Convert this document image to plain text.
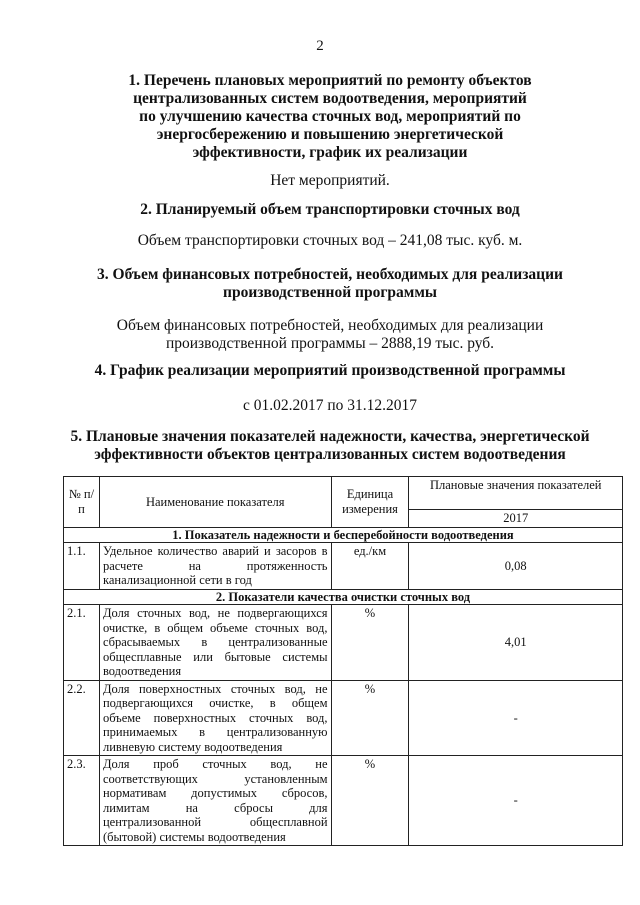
2
1. Перечень плановых мероприятий по ремонту объектов
централизованных систем водоотведения, мероприятий
по улучшению качества сточных вод, мероприятий по
энергосбережению и повышению энергетической
эффективности, график их реализации
Нет мероприятий.
2. Планируемый объем транспортировки сточных вод
Объем транспортировки сточных вод – 241,08 тыс. куб. м.
3. Объем финансовых потребностей, необходимых для реализации
производственной программы
Объем финансовых потребностей, необходимых для реализации
производственной программы – 2888,19 тыс. руб.
4. График реализации мероприятий производственной программы
с 01.02.2017 по 31.12.2017
5. Плановые значения показателей надежности, качества, энергетической
эффективности объектов централизованных систем водоотведения
№ п/п	Наименование показателя	Единица измерения	Плановые значения показателей
			2017
1. Показатель надежности и бесперебойности водоотведения			
1.1.	Удельное количество аварий и засоров в расчете на протяженность канализационной сети в год	ед./км	0,08
2. Показатели качества очистки сточных вод			
2.1.	Доля сточных вод, не подвергающихся очистке, в общем объеме сточных вод, сбрасываемых в централизованные общесплавные или бытовые системы водоотведения	%	4,01
2.2.	Доля поверхностных сточных вод, не подвергающихся очистке, в общем объеме поверхностных сточных вод, принимаемых в централизованную ливневую систему водоотведения	%	-
2.3.	Доля проб сточных вод, не соответствующих установленным нормативам допустимых сбросов, лимитам на сбросы для централизованной общесплавной (бытовой) системы водоотведения	%	-
